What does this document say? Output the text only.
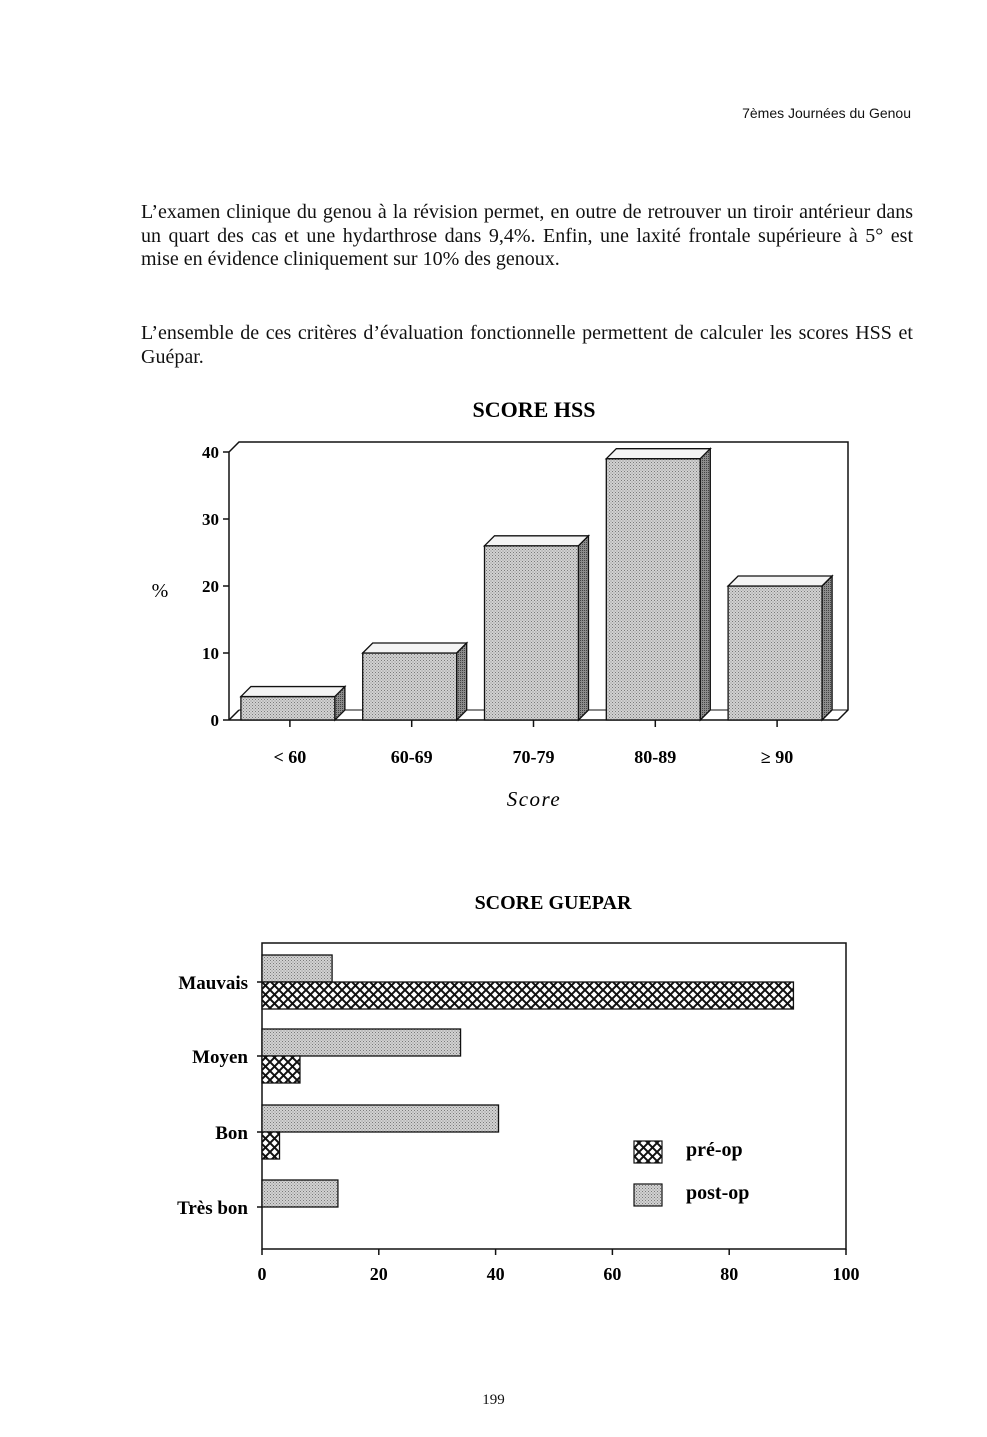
7èmes Journées du Genou

L’examen clinique du genou à la révision permet, en outre de retrouver un tiroir antérieur dans un quart des cas et une hydarthrose dans 9,4%. Enfin, une laxité frontale supérieure à 5° est mise en évidence cliniquement sur 10% des genoux.

L’ensemble de ces critères d’évaluation fonctionnelle permettent de calculer les scores HSS et Guépar.

SCORE HSS
0
10
20
30
40
< 60	60-69	70-79	80-89	≥ 90
%
Score
SCORE GUEPAR
0	20	40	60	80	100
Mauvais
Moyen
Bon
Très bon
pré-op
post-op
199
